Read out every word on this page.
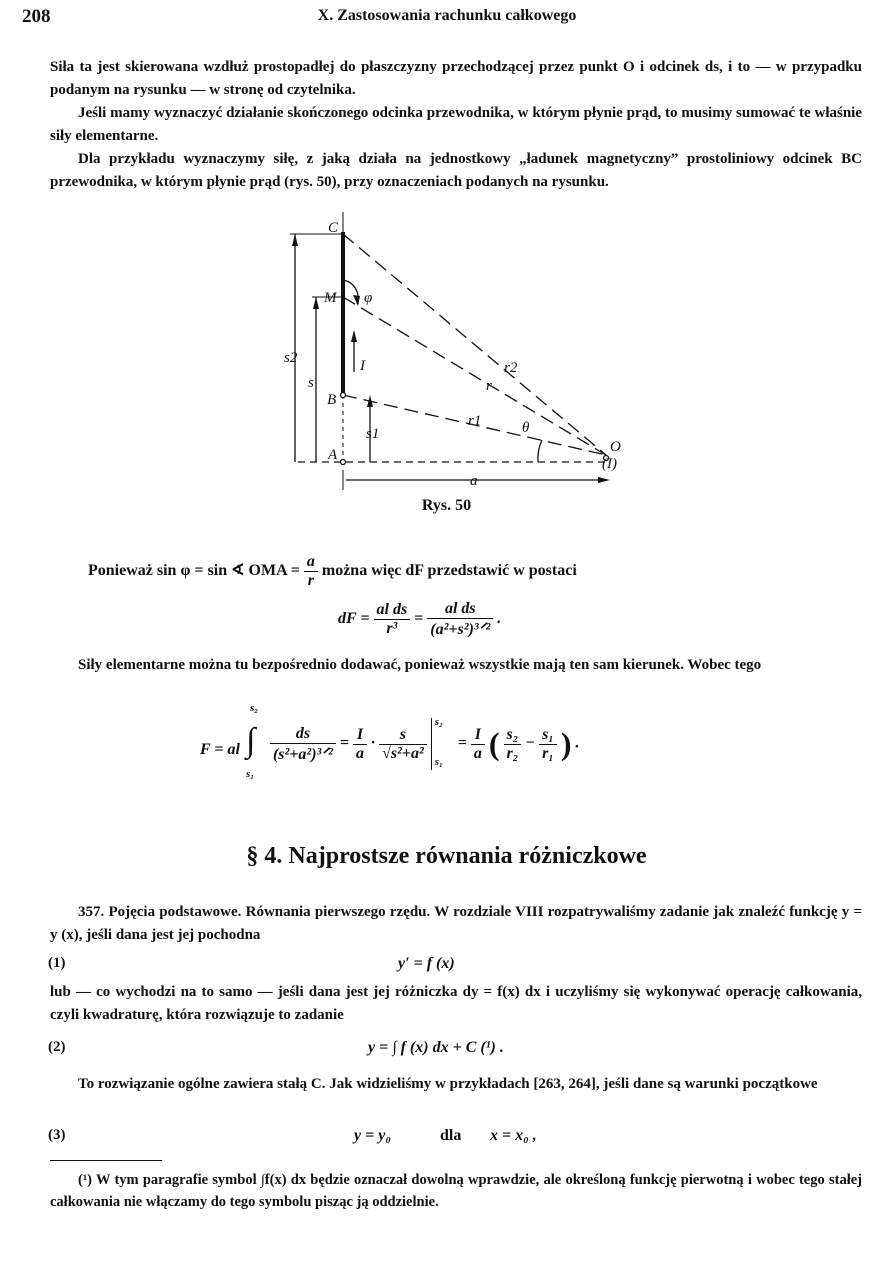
208	X. Zastosowania rachunku całkowego
Siła ta jest skierowana wzdłuż prostopadłej do płaszczyzny przechodzącej przez punkt O i odcinek ds, i to — w przypadku podanym na rysunku — w stronę od czytelnika.
Jeśli mamy wyznaczyć działanie skończonego odcinka przewodnika, w którym płynie prąd, to musimy sumować te właśnie siły elementarne.
Dla przykładu wyznaczymy siłę, z jaką działa na jednostkowy „ładunek magnetyczny” prostoliniowy odcinek BC przewodnika, w którym płynie prąd (rys. 50), przy oznaczeniach podanych na rysunku.
C
M
B
A
φ
I
s2
s
s1
r2
r
r1	θ
O
(I)
a
Rys. 50
Ponieważ sin φ = sin ∢ OMA = $\frac{a}{r}$ można więc dF przedstawić w postaci
dF = $\frac{\text{al ds}}{\text{r³}} = \frac{\text{al ds}}{\text{(a²+s²)³ᐟ²}}$ .
Siły elementarne można tu bezpośrednio dodawać, ponieważ wszystkie mają ten sam kierunek. Wobec tego
F = al
s₂
∫
s₁

$\frac{ds}{\text{(s²+a²)³ᐟ²}} = \frac{I}{a} \cdot \frac{s}{\text{√s²+a²}}$

s₂
s₁
= $\frac{I}{a}$ ( $\frac{\text{s₂}}{\text{r₂}} - \frac{\text{s₁}}{\text{r₁}}$ ) .
§ 4. Najprostsze równania różniczkowe
357. Pojęcia podstawowe. Równania pierwszego rzędu. W rozdziale VIII rozpatrywaliśmy zadanie jak znaleźć funkcję y = y (x), jeśli dana jest jej pochodna
(1)	y′ = f (x)
lub — co wychodzi na to samo — jeśli dana jest jej różniczka dy = f(x) dx i uczyliśmy się wykonywać operację całkowania, czyli kwadraturę, która rozwiązuje to zadanie
(2)	y = ∫ f (x) dx + C (¹) .
To rozwiązanie ogólne zawiera stałą C. Jak widzieliśmy w przykładach [263, 264], jeśli dane są warunki początkowe
(3)	y = y₀	dla x = x₀ ,
(¹) W tym paragrafie symbol ∫f(x) dx będzie oznaczał dowolną wprawdzie, ale określoną funkcję pierwotną i wobec tego stałej całkowania nie włączamy do tego symbolu pisząc ją oddzielnie.
